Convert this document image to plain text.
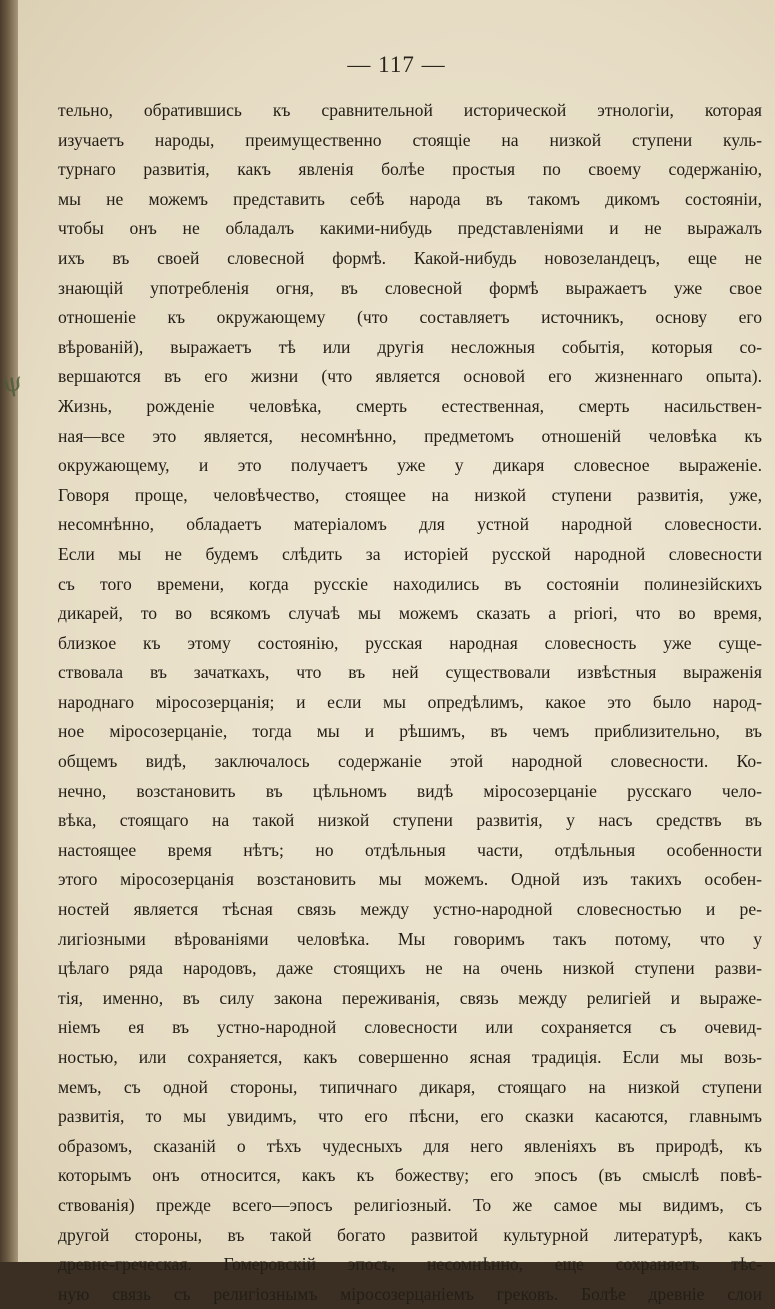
— 117 —
тельно, обратившись къ сравнительной исторической этнологіи, которая
изучаетъ народы, преимущественно стоящіе на низкой ступени куль-
турнаго развитія, какъ явленія болѣе простыя по своему содержанію,
мы не можемъ представить себѣ народа въ такомъ дикомъ состояніи,
чтобы онъ не обладалъ какими-нибудь представленіями и не выражалъ
ихъ въ своей словесной формѣ. Какой-нибудь новозеландецъ, еще не
знающій употребленія огня, въ словесной формѣ выражаетъ уже свое
отношеніе къ окружающему (что составляетъ источникъ, основу его
вѣрованій), выражаетъ тѣ или другія несложныя событія, которыя со-
вершаются въ его жизни (что является основой его жизненнаго опыта).
Жизнь, рожденіе человѣка, смерть естественная, смерть насильствен-
ная—все это является, несомнѣнно, предметомъ отношеній человѣка къ
окружающему, и это получаетъ уже у дикаря словесное выраженіе.
Говоря проще, человѣчество, стоящее на низкой ступени развитія, уже,
несомнѣнно, обладаетъ матеріаломъ для устной народной словесности.
Если мы не будемъ слѣдить за исторіей русской народной словесности
съ того времени, когда русскіе находились въ состояніи полинезійскихъ
дикарей, то во всякомъ случаѣ мы можемъ сказать a priori, что во время,
близкое къ этому состоянію, русская народная словесность уже суще-
ствовала въ зачаткахъ, что въ ней существовали извѣстныя выраженія
народнаго міросозерцанія; и если мы опредѣлимъ, какое это было народ-
ное міросозерцаніе, тогда мы и рѣшимъ, въ чемъ приблизительно, въ
общемъ видѣ, заключалось содержаніе этой народной словесности. Ко-
нечно, возстановить въ цѣльномъ видѣ міросозерцаніе русскаго чело-
вѣка, стоящаго на такой низкой ступени развитія, у насъ средствъ въ
настоящее время нѣтъ; но отдѣльныя части, отдѣльныя особенности
этого міросозерцанія возстановить мы можемъ. Одной изъ такихъ особен-
ностей является тѣсная связь между устно-народной словесностью и ре-
лигіозными вѣрованіями человѣка. Мы говоримъ такъ потому, что у
цѣлаго ряда народовъ, даже стоящихъ не на очень низкой ступени разви-
тія, именно, въ силу закона переживанія, связь между религіей и выраже-
ніемъ ея въ устно-народной словесности или сохраняется съ очевид-
ностью, или сохраняется, какъ совершенно ясная традиція. Если мы возь-
мемъ, съ одной стороны, типичнаго дикаря, стоящаго на низкой ступени
развитія, то мы увидимъ, что его пѣсни, его сказки касаются, главнымъ
образомъ, сказаній о тѣхъ чудесныхъ для него явленіяхъ въ природѣ, къ
которымъ онъ относится, какъ къ божеству; его эпосъ (въ смыслѣ повѣ-
ствованія) прежде всего—эпосъ религіозный. То же самое мы видимъ, съ
другой стороны, въ такой богато развитой культурной литературѣ, какъ
древне-греческая. Гомеровскій эпосъ, несомнѣнно, еще сохраняетъ тѣс-
ную связь съ религіознымъ міросозерцаніемъ грековъ. Болѣе древніе слои
ψ
